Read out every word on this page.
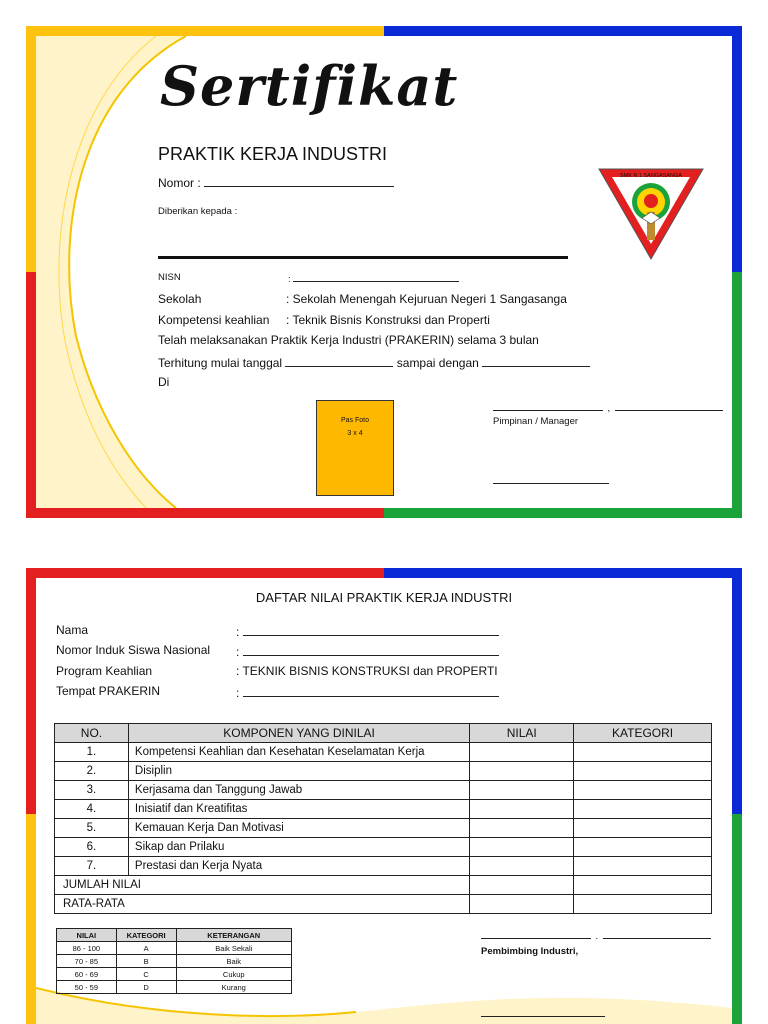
Sertifikat
PRAKTIK KERJA INDUSTRI
Nomor :
Diberikan kepada :
NISN	:
Sekolah	: Sekolah Menengah Kejuruan Negeri 1 Sangasanga
Kompetensi keahlian : Teknik Bisnis Konstruksi dan Properti
Telah melaksanakan Praktik Kerja Industri (PRAKERIN) selama 3 bulan
Terhitung mulai tanggal	sampai dengan
Di
Pas Foto
3 x 4
,
Pimpinan / Manager
SMK N 1 SANGASANGA
DAFTAR NILAI PRAKTIK KERJA INDUSTRI
Nama	:
Nomor Induk Siswa Nasional :
Program Keahlian	: TEKNIK BISNIS KONSTRUKSI dan PROPERTI
Tempat PRAKERIN	:
NO.	KOMPONEN YANG DINILAI	NILAI	KATEGORI
1.	Kompetensi Keahlian dan Kesehatan Keselamatan Kerja		
2.	Disiplin		
3.	Kerjasama dan Tanggung Jawab		
4.	Inisiatif dan Kreatifitas		
5.	Kemauan Kerja Dan Motivasi		
6.	Sikap dan Prilaku		
7.	Prestasi dan Kerja Nyata		
JUMLAH NILAI			
RATA-RATA			
NILAI	KATEGORI	KETERANGAN
86 - 100	A	Baik Sekali
70 - 85	B	Baik
60 - 69	C	Cukup
50 - 59	D	Kurang
.
Pembimbing Industri,
